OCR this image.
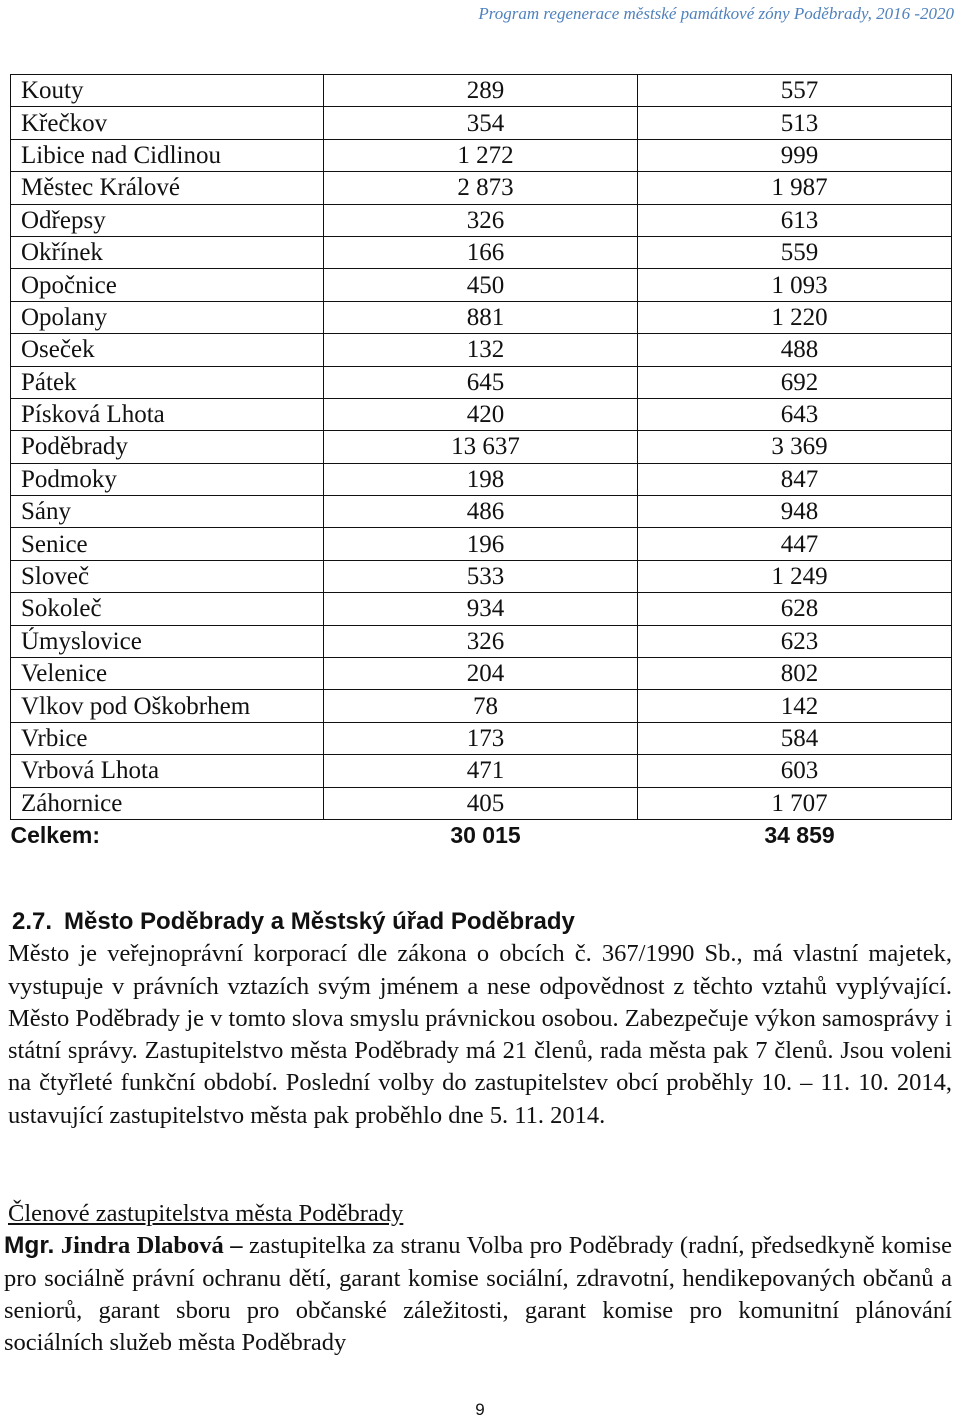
Program regenerace městské památkové zóny Poděbrady, 2016 -2020
Kouty	289	557
Křečkov	354	513
Libice nad Cidlinou	1 272	999
Městec Králové	2 873	1 987
Odřepsy	326	613
Okřínek	166	559
Opočnice	450	1 093
Opolany	881	1 220
Oseček	132	488
Pátek	645	692
Písková Lhota	420	643
Poděbrady	13 637	3 369
Podmoky	198	847
Sány	486	948
Senice	196	447
Sloveč	533	1 249
Sokoleč	934	628
Úmyslovice	326	623
Velenice	204	802
Vlkov pod Oškobrhem	78	142
Vrbice	173	584
Vrbová Lhota	471	603
Záhornice	405	1 707
Celkem:	30 015	34 859

2.7. Město Poděbrady a Městský úřad Poděbrady

Město je veřejnoprávní korporací dle zákona o obcích č. 367/1990 Sb., má vlastní majetek, vystupuje v právních vztazích svým jménem a nese odpovědnost z těchto vztahů vyplývající. Město Poděbrady je v tomto slova smyslu právnickou osobou. Zabezpečuje výkon samosprávy i státní správy. Zastupitelstvo města Poděbrady má 21 členů, rada města pak 7 členů. Jsou voleni na čtyřleté funkční období. Poslední volby do zastupitelstev obcí proběhly 10. – 11. 10. 2014, ustavující zastupitelstvo města pak proběhlo dne 5. 11. 2014.

Členové zastupitelstva města Poděbrady

Mgr. Jindra Dlabová – zastupitelka za stranu Volba pro Poděbrady (radní, předsedkyně komise pro sociálně právní ochranu dětí, garant komise sociální, zdravotní, hendikepovaných občanů a seniorů, garant sboru pro občanské záležitosti, garant komise pro komunitní plánování sociálních služeb města Poděbrady

9
